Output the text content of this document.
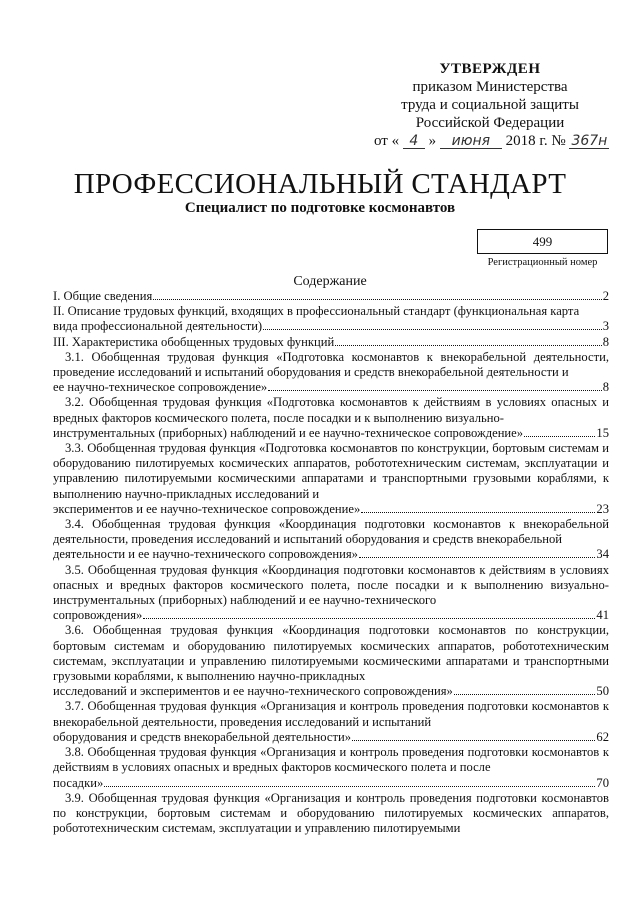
УТВЕРЖДЕН
приказом Министерства
труда и социальной защиты
Российской Федерации
от « 4 » июня 2018 г. № 367н
ПРОФЕССИОНАЛЬНЫЙ СТАНДАРТ
Специалист по подготовке космонавтов
499
Регистрационный номер
Содержание
I. Общие сведения	2

II. Описание трудовых функций, входящих в профессиональный стандарт (функциональная карта

вида профессиональной деятельности)	3
III. Характеристика обобщенных трудовых функций	8

3.1. Обобщенная трудовая функция «Подготовка космонавтов к внекорабельной деятельности, проведение исследований и испытаний оборудования и средств внекорабельной деятельности и

ее научно-техническое сопровождение»	8

3.2. Обобщенная трудовая функция «Подготовка космонавтов к действиям в условиях опасных и вредных факторов космического полета, после посадки и к выполнению визуально-

инструментальных (приборных) наблюдений и ее научно-техническое сопровождение»	15

3.3. Обобщенная трудовая функция «Подготовка космонавтов по конструкции, бортовым системам и оборудованию пилотируемых космических аппаратов, робототехническим системам, эксплуатации и управлению пилотируемыми космическими аппаратами и транспортными грузовыми кораблями, к выполнению научно-прикладных исследований и

экспериментов и ее научно-техническое сопровождение»	23

3.4. Обобщенная трудовая функция «Координация подготовки космонавтов к внекорабельной деятельности, проведения исследований и испытаний оборудования и средств внекорабельной

деятельности и ее научно-технического сопровождения»	34

3.5. Обобщенная трудовая функция «Координация подготовки космонавтов к действиям в условиях опасных и вредных факторов космического полета, после посадки и к выполнению визуально-инструментальных (приборных) наблюдений и ее научно-технического

сопровождения»	41

3.6. Обобщенная трудовая функция «Координация подготовки космонавтов по конструкции, бортовым системам и оборудованию пилотируемых космических аппаратов, робототехническим системам, эксплуатации и управлению пилотируемыми космическими аппаратами и транспортными грузовыми кораблями, к выполнению научно-прикладных

исследований и экспериментов и ее научно-технического сопровождения»	50

3.7. Обобщенная трудовая функция «Организация и контроль проведения подготовки космонавтов к внекорабельной деятельности, проведения исследований и испытаний

оборудования и средств внекорабельной деятельности»	62

3.8. Обобщенная трудовая функция «Организация и контроль проведения подготовки космонавтов к действиям в условиях опасных и вредных факторов космического полета и после

посадки»	70

3.9. Обобщенная трудовая функция «Организация и контроль проведения подготовки космонавтов по конструкции, бортовым системам и оборудованию пилотируемых космических аппаратов, робототехническим системам, эксплуатации и управлению пилотируемыми
